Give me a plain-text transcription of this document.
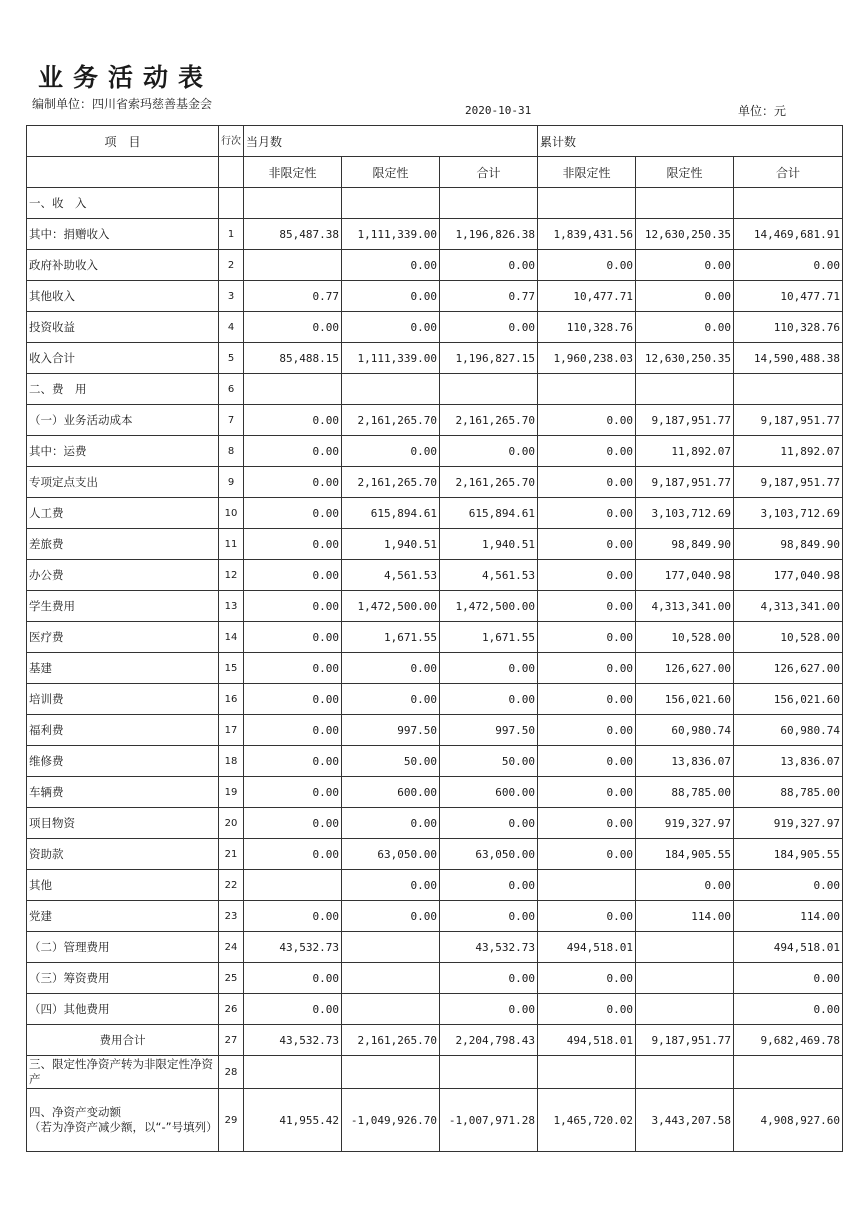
业务活动表
编制单位：四川省索玛慈善基金会	2020-10-31	单位：元
项　目	行次	当月数			累计数		
		非限定性	限定性	合计	非限定性	限定性	合计
一、收　入							
其中：捐赠收入	1	85,487.38	1,111,339.00	1,196,826.38	1,839,431.56	12,630,250.35	14,469,681.91
政府补助收入	2		0.00	0.00	0.00	0.00	0.00
其他收入	3	0.77	0.00	0.77	10,477.71	0.00	10,477.71
投资收益	4	0.00	0.00	0.00	110,328.76	0.00	110,328.76
收入合计	5	85,488.15	1,111,339.00	1,196,827.15	1,960,238.03	12,630,250.35	14,590,488.38
二、费　用	6						
（一）业务活动成本	7	0.00	2,161,265.70	2,161,265.70	0.00	9,187,951.77	9,187,951.77
其中：运费	8	0.00	0.00	0.00	0.00	11,892.07	11,892.07
专项定点支出	9	0.00	2,161,265.70	2,161,265.70	0.00	9,187,951.77	9,187,951.77
人工费	10	0.00	615,894.61	615,894.61	0.00	3,103,712.69	3,103,712.69
差旅费	11	0.00	1,940.51	1,940.51	0.00	98,849.90	98,849.90
办公费	12	0.00	4,561.53	4,561.53	0.00	177,040.98	177,040.98
学生费用	13	0.00	1,472,500.00	1,472,500.00	0.00	4,313,341.00	4,313,341.00
医疗费	14	0.00	1,671.55	1,671.55	0.00	10,528.00	10,528.00
基建	15	0.00	0.00	0.00	0.00	126,627.00	126,627.00
培训费	16	0.00	0.00	0.00	0.00	156,021.60	156,021.60
福利费	17	0.00	997.50	997.50	0.00	60,980.74	60,980.74
维修费	18	0.00	50.00	50.00	0.00	13,836.07	13,836.07
车辆费	19	0.00	600.00	600.00	0.00	88,785.00	88,785.00
项目物资	20	0.00	0.00	0.00	0.00	919,327.97	919,327.97
资助款	21	0.00	63,050.00	63,050.00	0.00	184,905.55	184,905.55
其他	22		0.00	0.00		0.00	0.00
党建	23	0.00	0.00	0.00	0.00	114.00	114.00
（二）管理费用	24	43,532.73		43,532.73	494,518.01		494,518.01
（三）筹资费用	25	0.00		0.00	0.00		0.00
（四）其他费用	26	0.00		0.00	0.00		0.00
费用合计	27	43,532.73	2,161,265.70	2,204,798.43	494,518.01	9,187,951.77	9,682,469.78
三、限定性净资产转为非限定性净资产	28						
四、净资产变动额
（若为净资产减少额，以“-”号填列）	29	41,955.42	-1,049,926.70	-1,007,971.28	1,465,720.02	3,443,207.58	4,908,927.60
